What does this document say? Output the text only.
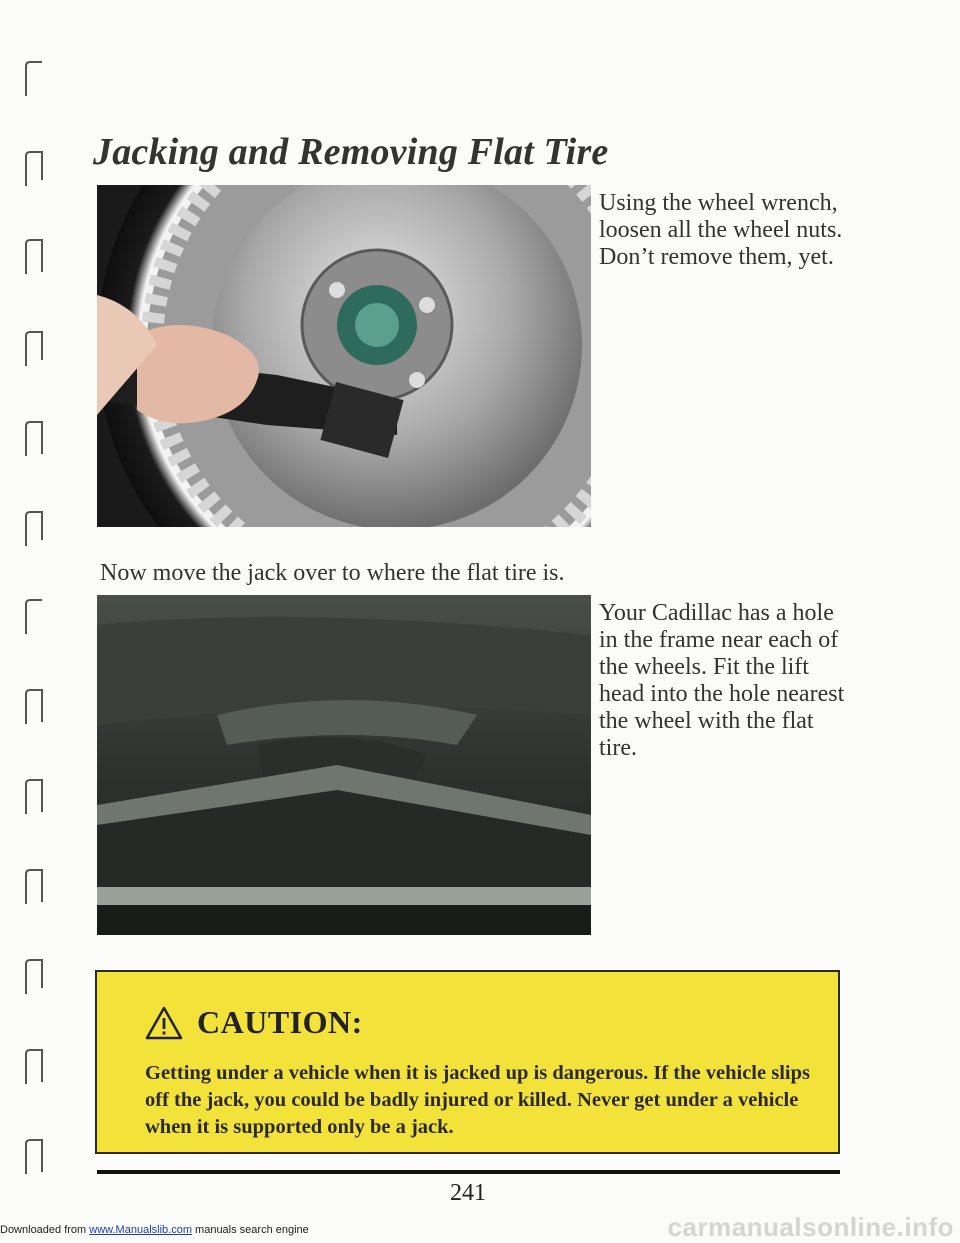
Jacking and Removing Flat Tire

Using the wheel wrench, loosen all the wheel nuts. Don’t remove them, yet.

Now move the jack over to where the flat tire is.

Your Cadillac has a hole in the frame near each of the wheels. Fit the lift head into the hole nearest the wheel with the flat tire.

CAUTION:

Getting under a vehicle when it is jacked up is dangerous. If the vehicle slips off the jack, you could be badly injured or killed. Never get under a vehicle when it is supported only be a jack.

241
Downloaded from www.Manualslib.com manuals search engine	carmanualsonline.info
